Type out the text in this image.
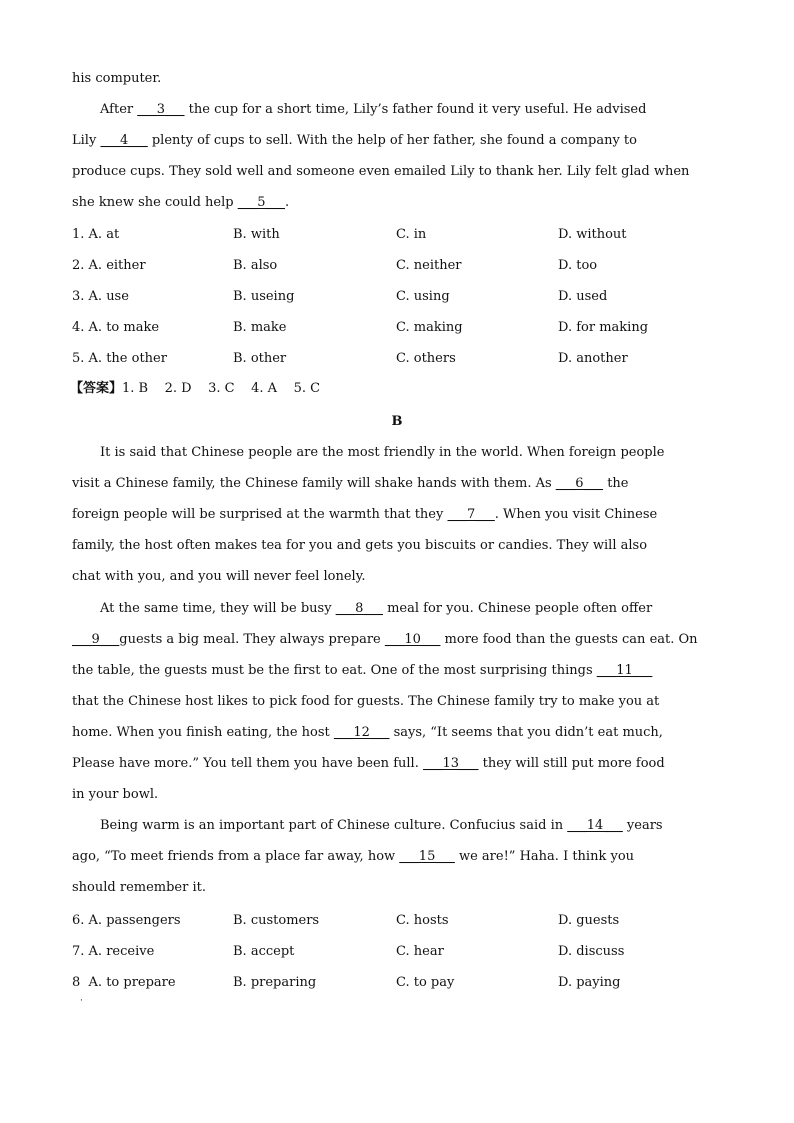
his computer.
After ___3___ the cup for a short time, Lily’s father found it very useful. He advised
Lily ___4___ plenty of cups to sell. With the help of her father, she found a company to
produce cups. They sold well and someone even emailed Lily to thank her. Lily felt glad when
she knew she could help ___5___.
1. A. at	B. with	C. in	D. without
2. A. either	B. also	C. neither	D. too
3. A. use	B. useing	C. using	D. used
4. A. to make	B. make	C. making	D. for making
5. A. the other	B. other	C. others	D. another
【答案】1. B    2. D    3. C    4. A    5. C
B
It is said that Chinese people are the most friendly in the world. When foreign people
visit a Chinese family, the Chinese family will shake hands with them. As ___6___ the
foreign people will be surprised at the warmth that they ___7___. When you visit Chinese
family, the host often makes tea for you and gets you biscuits or candies. They will also
chat with you, and you will never feel lonely.
At the same time, they will be busy ___8___ meal for you. Chinese people often offer
___9___guests a big meal. They always prepare ___10___ more food than the guests can eat. On
the table, the guests must be the first to eat. One of the most surprising things ___11___
that the Chinese host likes to pick food for guests. The Chinese family try to make you at
home. When you finish eating, the host ___12___ says, “It seems that you didn’t eat much,
Please have more.” You tell them you have been full. ___13___ they will still put more food
in your bowl.
Being warm is an important part of Chinese culture. Confucius said in ___14___ years
ago, “To meet friends from a place far away, how ___15___ we are!” Haha. I think you
should remember it.
6. A. passengers	B. customers	C. hosts	D. guests
7. A. receive	B. accept	C. hear	D. discuss
8  A. to prepare	B. preparing	C. to pay	D. paying
·
